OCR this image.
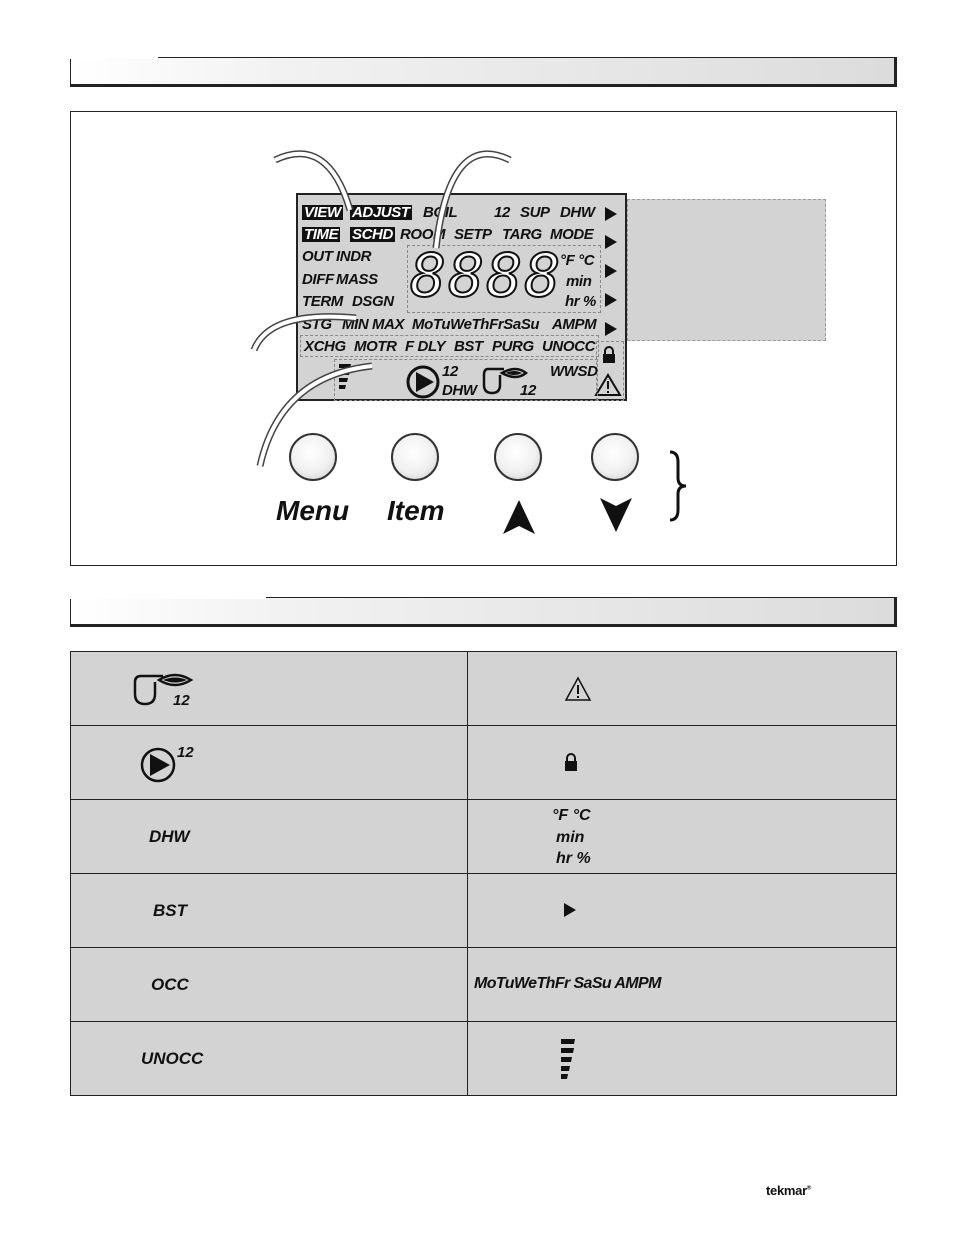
VIEW ADJUST BOIL 12 SUP DHW
TIME SCHD ROOM SETP TARG MODE
OUT INDR
DIFF MASS
TERM DSGN 8888
°F °C
min
hr %
STG MIN MAX MoTuWeThFrSaSu AMPM
XCHG MOTR F DLY BST PURG UNOCC
12
DHW	12
WWSD
Menu Item
12

12

DHW	°F °C
min
hr %

BST	

OCC	MoTuWeThFr SaSu AMPM

UNOCC

tekmar®
